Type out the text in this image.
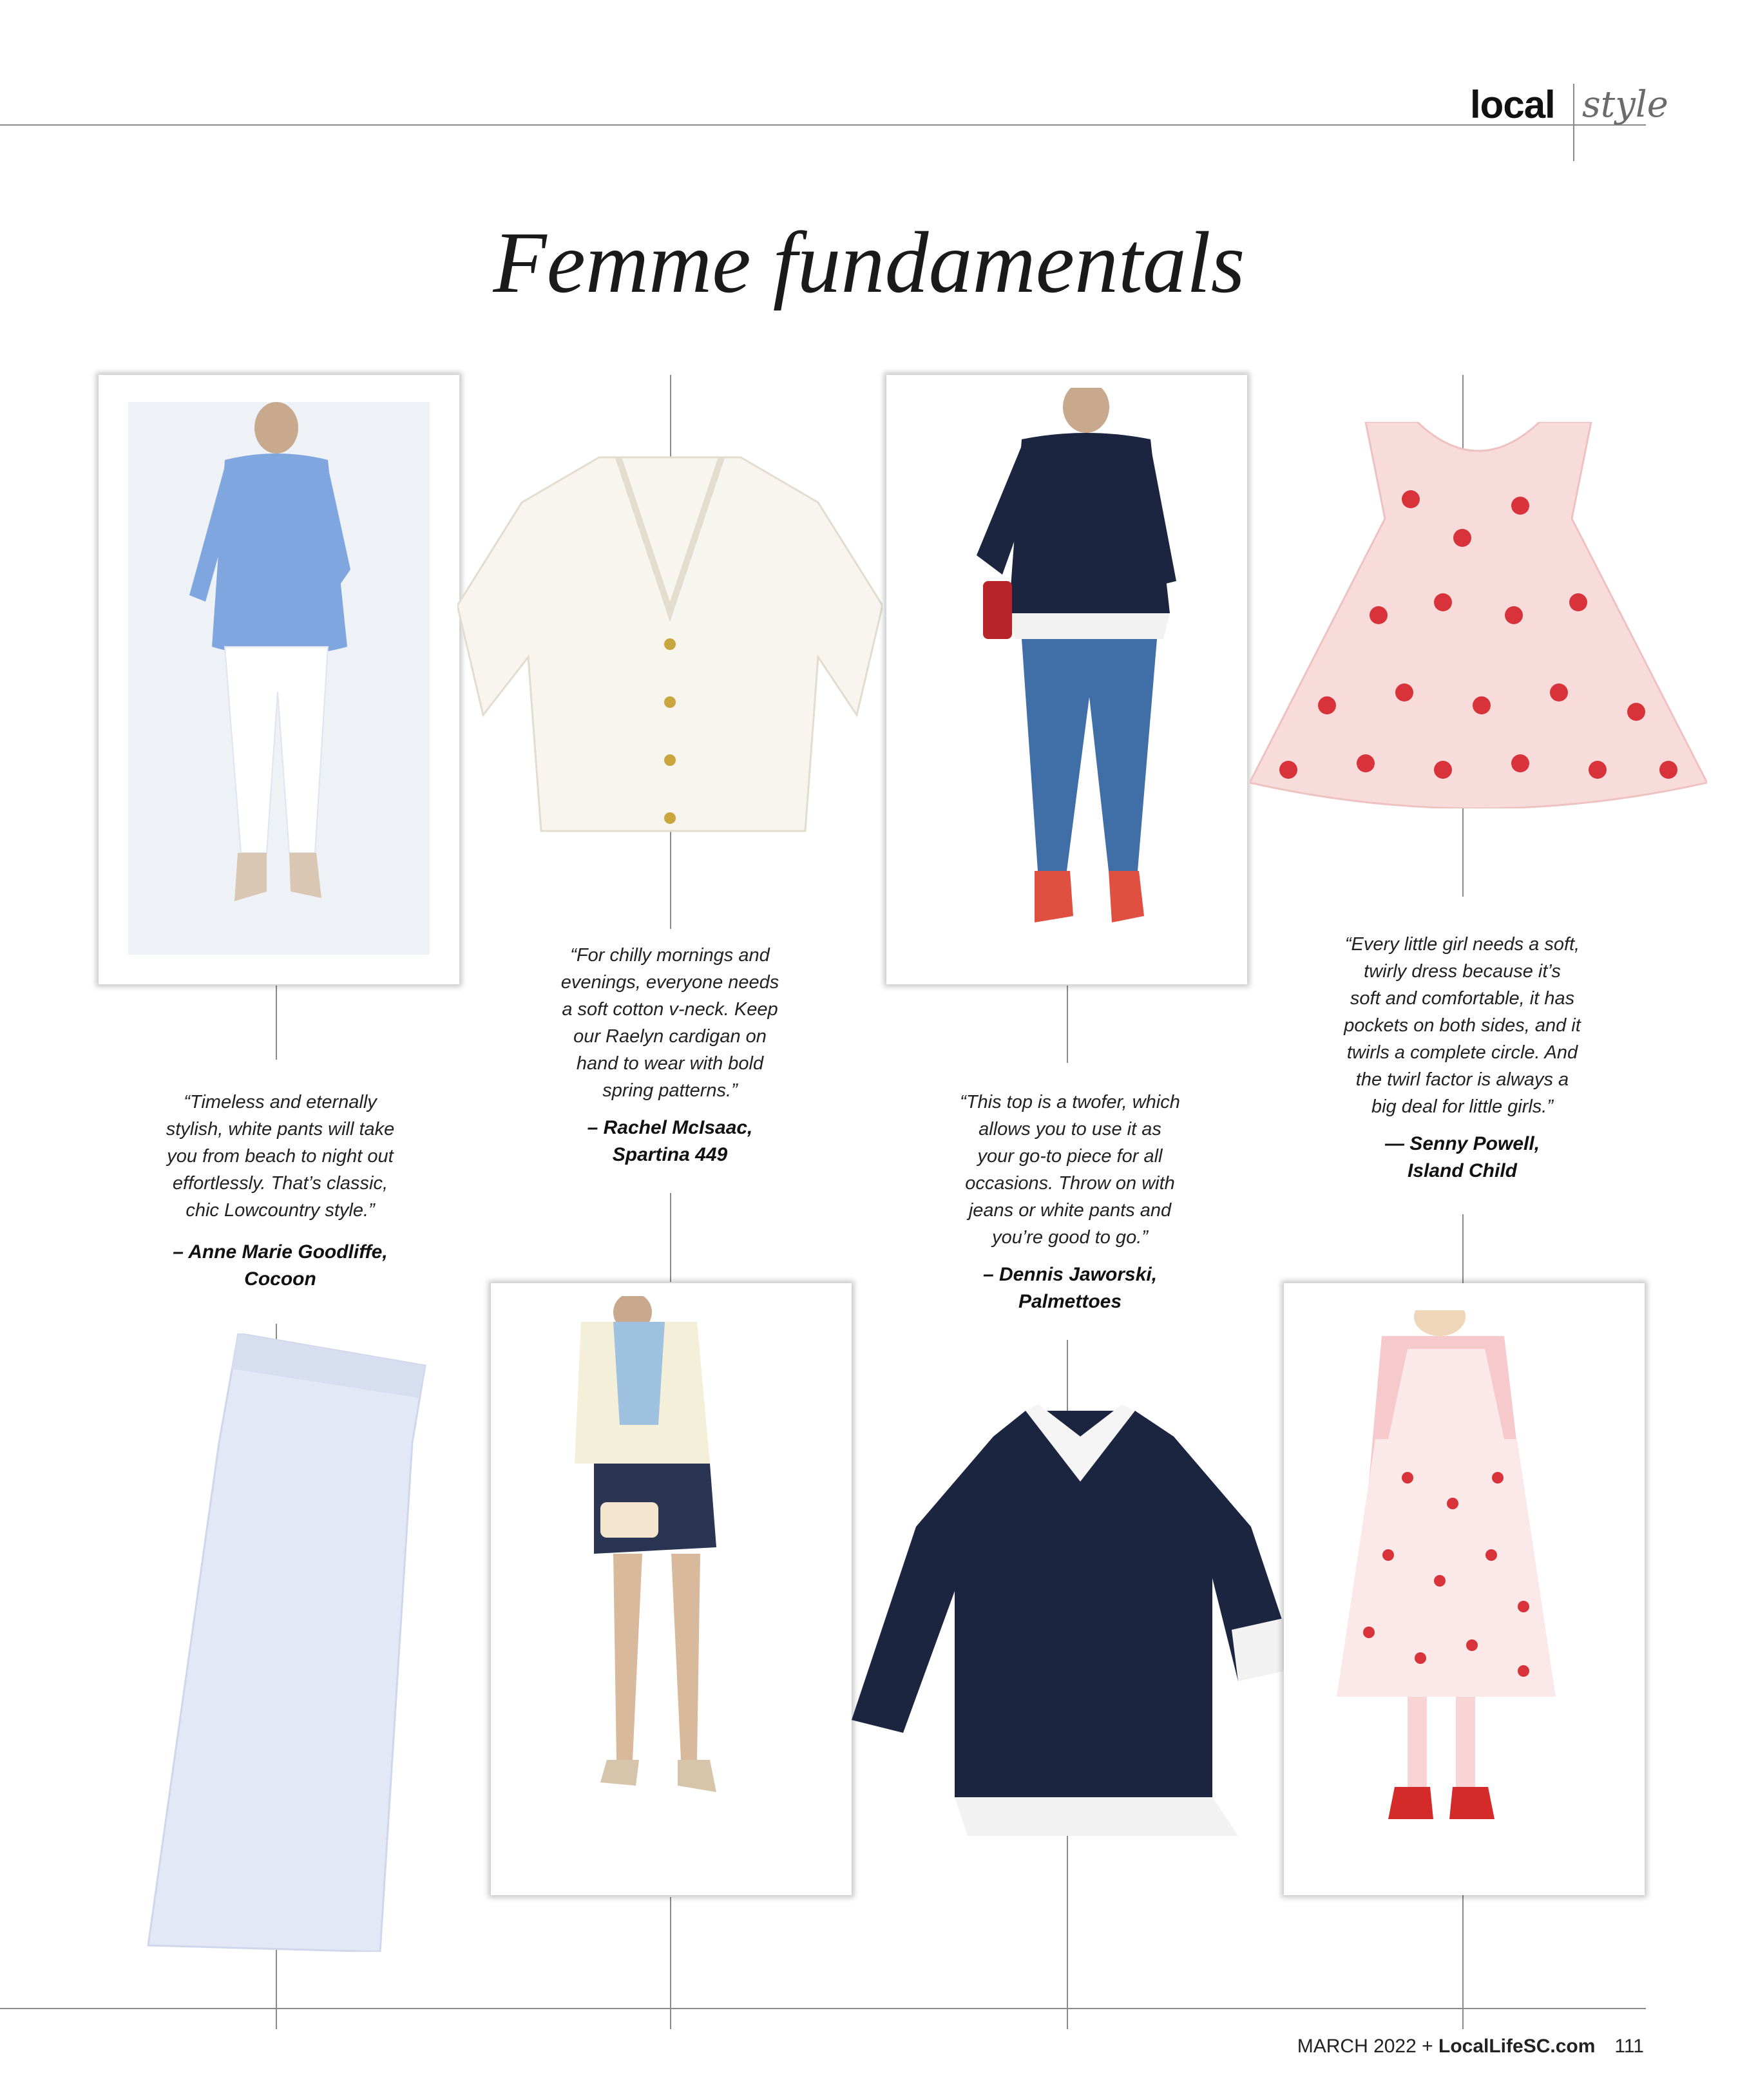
local style
Femme fundamentals
“Timeless and eternally
stylish, white pants will take
you from beach to night out
effortlessly. That’s classic,
chic Lowcountry style.”
– Anne Marie Goodliffe,
Cocoon
“For chilly mornings and
evenings, everyone needs
a soft cotton v-neck. Keep
our Raelyn cardigan on
hand to wear with bold
spring patterns.”
– Rachel McIsaac,
Spartina 449
“This top is a twofer, which
allows you to use it as
your go-to piece for all
occasions. Throw on with
jeans or white pants and
you’re good to go.”
– Dennis Jaworski,
Palmettoes
“Every little girl needs a soft,
twirly dress because it’s
soft and comfortable, it has
pockets on both sides, and it
twirls a complete circle. And
the twirl factor is always a
big deal for little girls.”
— Senny Powell,
Island Child
MARCH 2022 + LocalLifeSC.com 111
